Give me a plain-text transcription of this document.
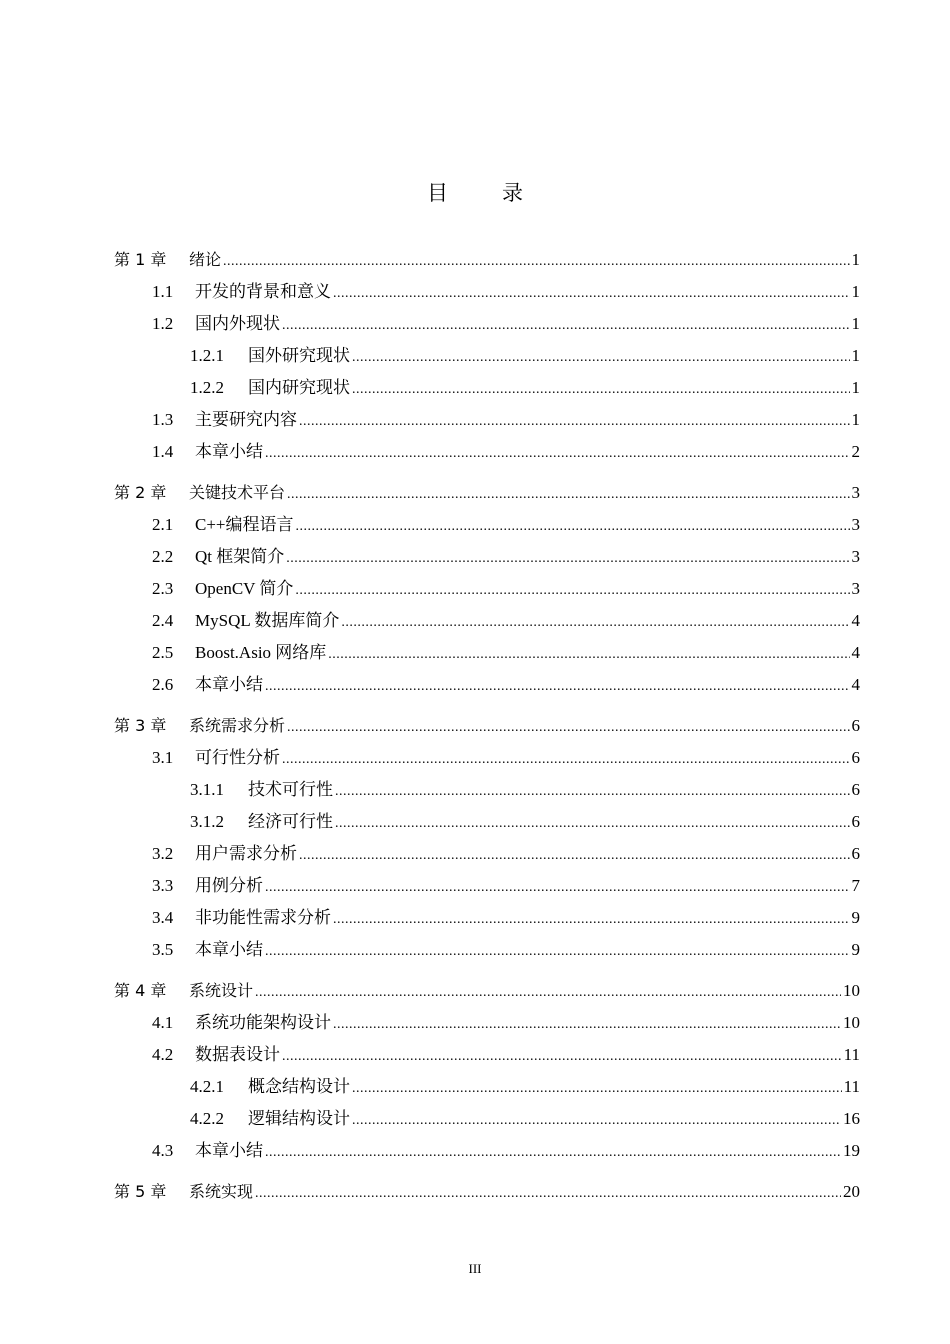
目录
第 1 章	绪论 .....	1
1.1	开发的背景和意义 .....	1
1.2	国内外现状 .....	1
1.2.1	国外研究现状 .....	1
1.2.2	国内研究现状 .....	1
1.3	主要研究内容 .....	1
1.4	本章小结 .....	2
第 2 章	关键技术平台 .....	3
2.1	C++编程语言 .....	3
2.2	Qt 框架简介 .....	3
2.3	OpenCV 简介 .....	3
2.4	MySQL 数据库简介 .....	4
2.5	Boost.Asio 网络库 .....	4
2.6	本章小结 .....	4
第 3 章	系统需求分析 .....	6
3.1	可行性分析 .....	6
3.1.1	技术可行性 .....	6
3.1.2	经济可行性 .....	6
3.2	用户需求分析 .....	6
3.3	用例分析 .....	7
3.4	非功能性需求分析 .....	9
3.5	本章小结 .....	9
第 4 章	系统设计 .....	10
4.1	系统功能架构设计 .....	10
4.2	数据表设计 .....	11
4.2.1	概念结构设计 .....	11
4.2.2	逻辑结构设计 .....	16
4.3	本章小结 .....	19
第 5 章	系统实现 .....	20
III
